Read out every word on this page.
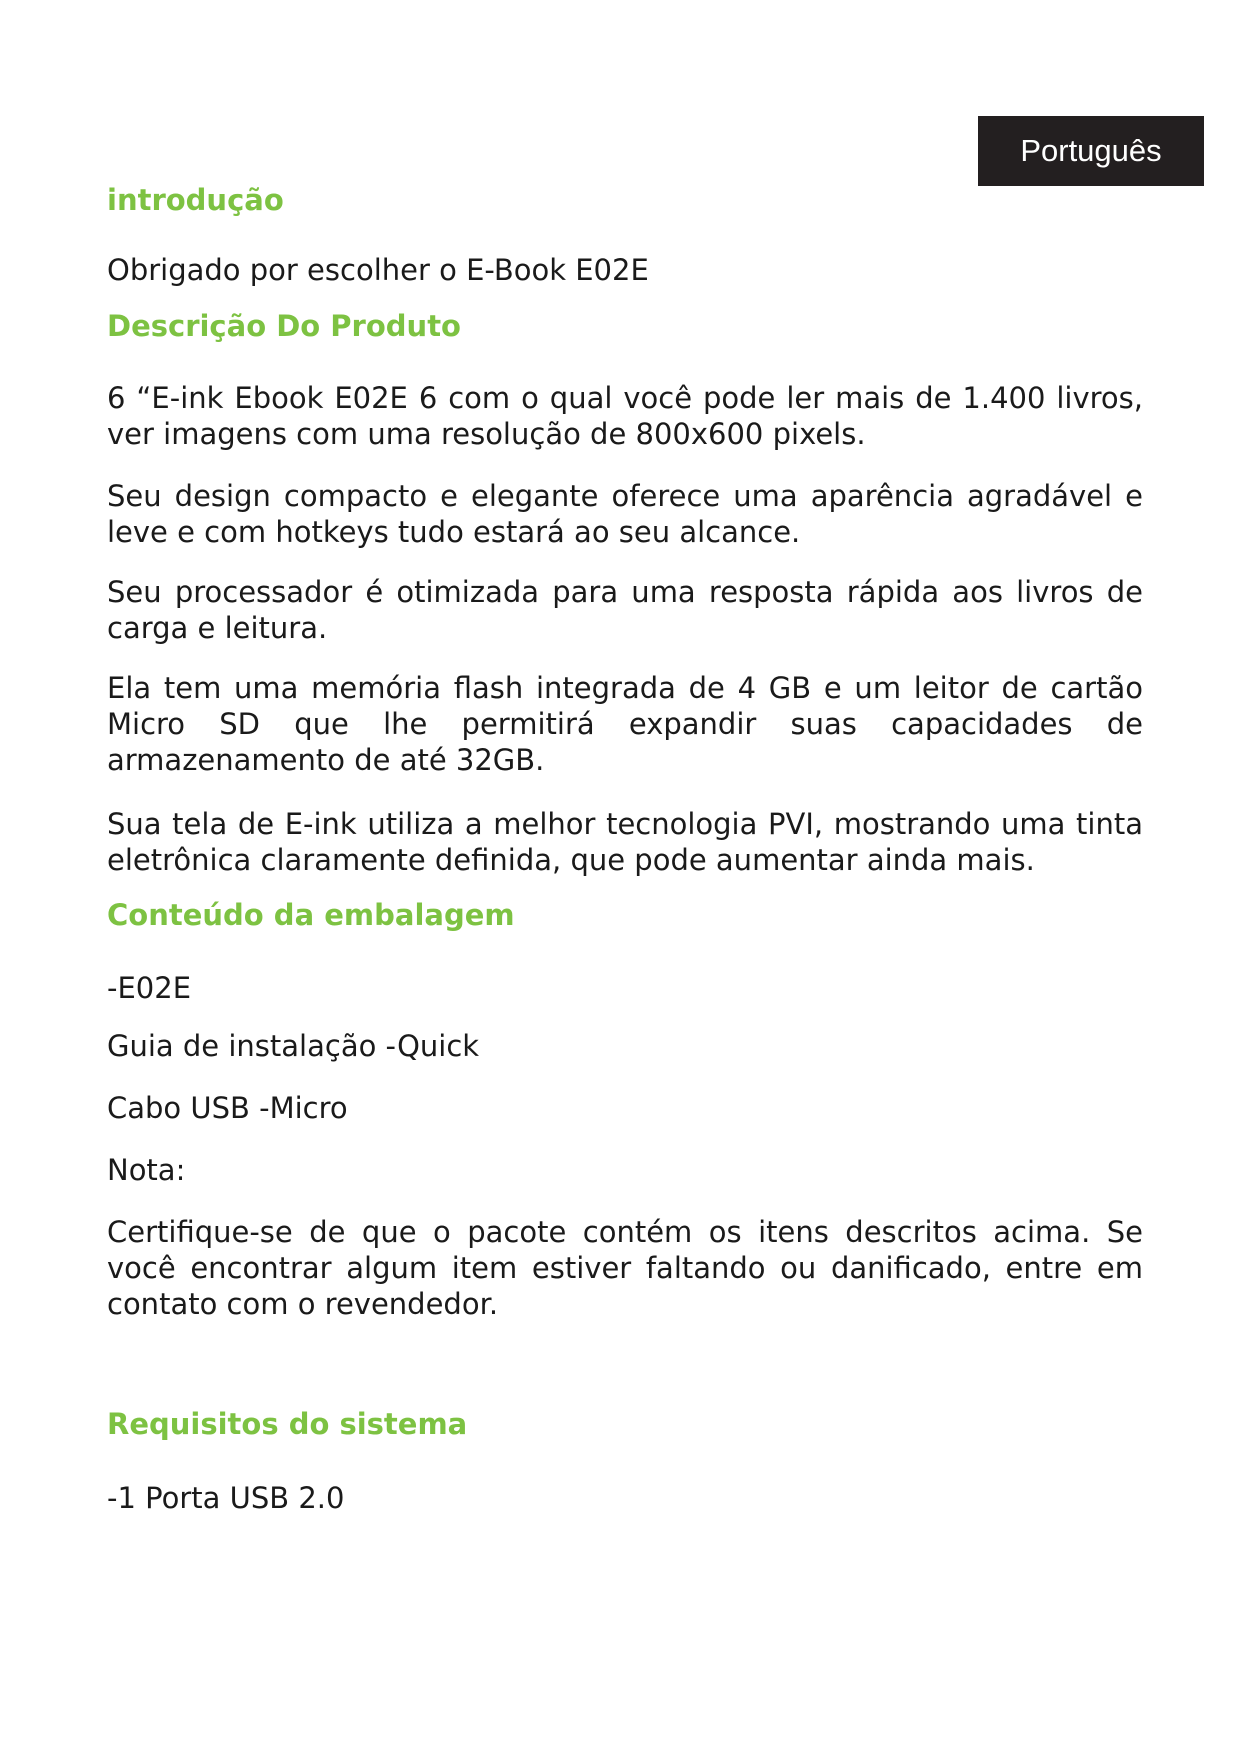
Português
introdução
Obrigado por escolher o E-Book E02E
Descrição Do Produto

6 “E-ink Ebook E02E 6 com o qual você pode ler mais de 1.400 livros, ver imagens com uma resolução de 800x600 pixels.

Seu design compacto e elegante oferece uma aparência agradável e leve e com hotkeys tudo estará ao seu alcance.

Seu processador é otimizada para uma resposta rápida aos livros de carga e leitura.

Ela tem uma memória flash integrada de 4 GB e um leitor de cartão Micro SD que lhe permitirá expandir suas capacidades de armazenamento de até 32GB.

Sua tela de E-ink utiliza a melhor tecnologia PVI, mostrando uma tinta eletrônica claramente definida, que pode aumentar ainda mais.

Conteúdo da embalagem
-E02E
Guia de instalação -Quick
Cabo USB -Micro
Nota:

Certifique-se de que o pacote contém os itens descritos acima. Se você encontrar algum item estiver faltando ou danificado, entre em contato com o revendedor.

Requisitos do sistema
-1 Porta USB 2.0
